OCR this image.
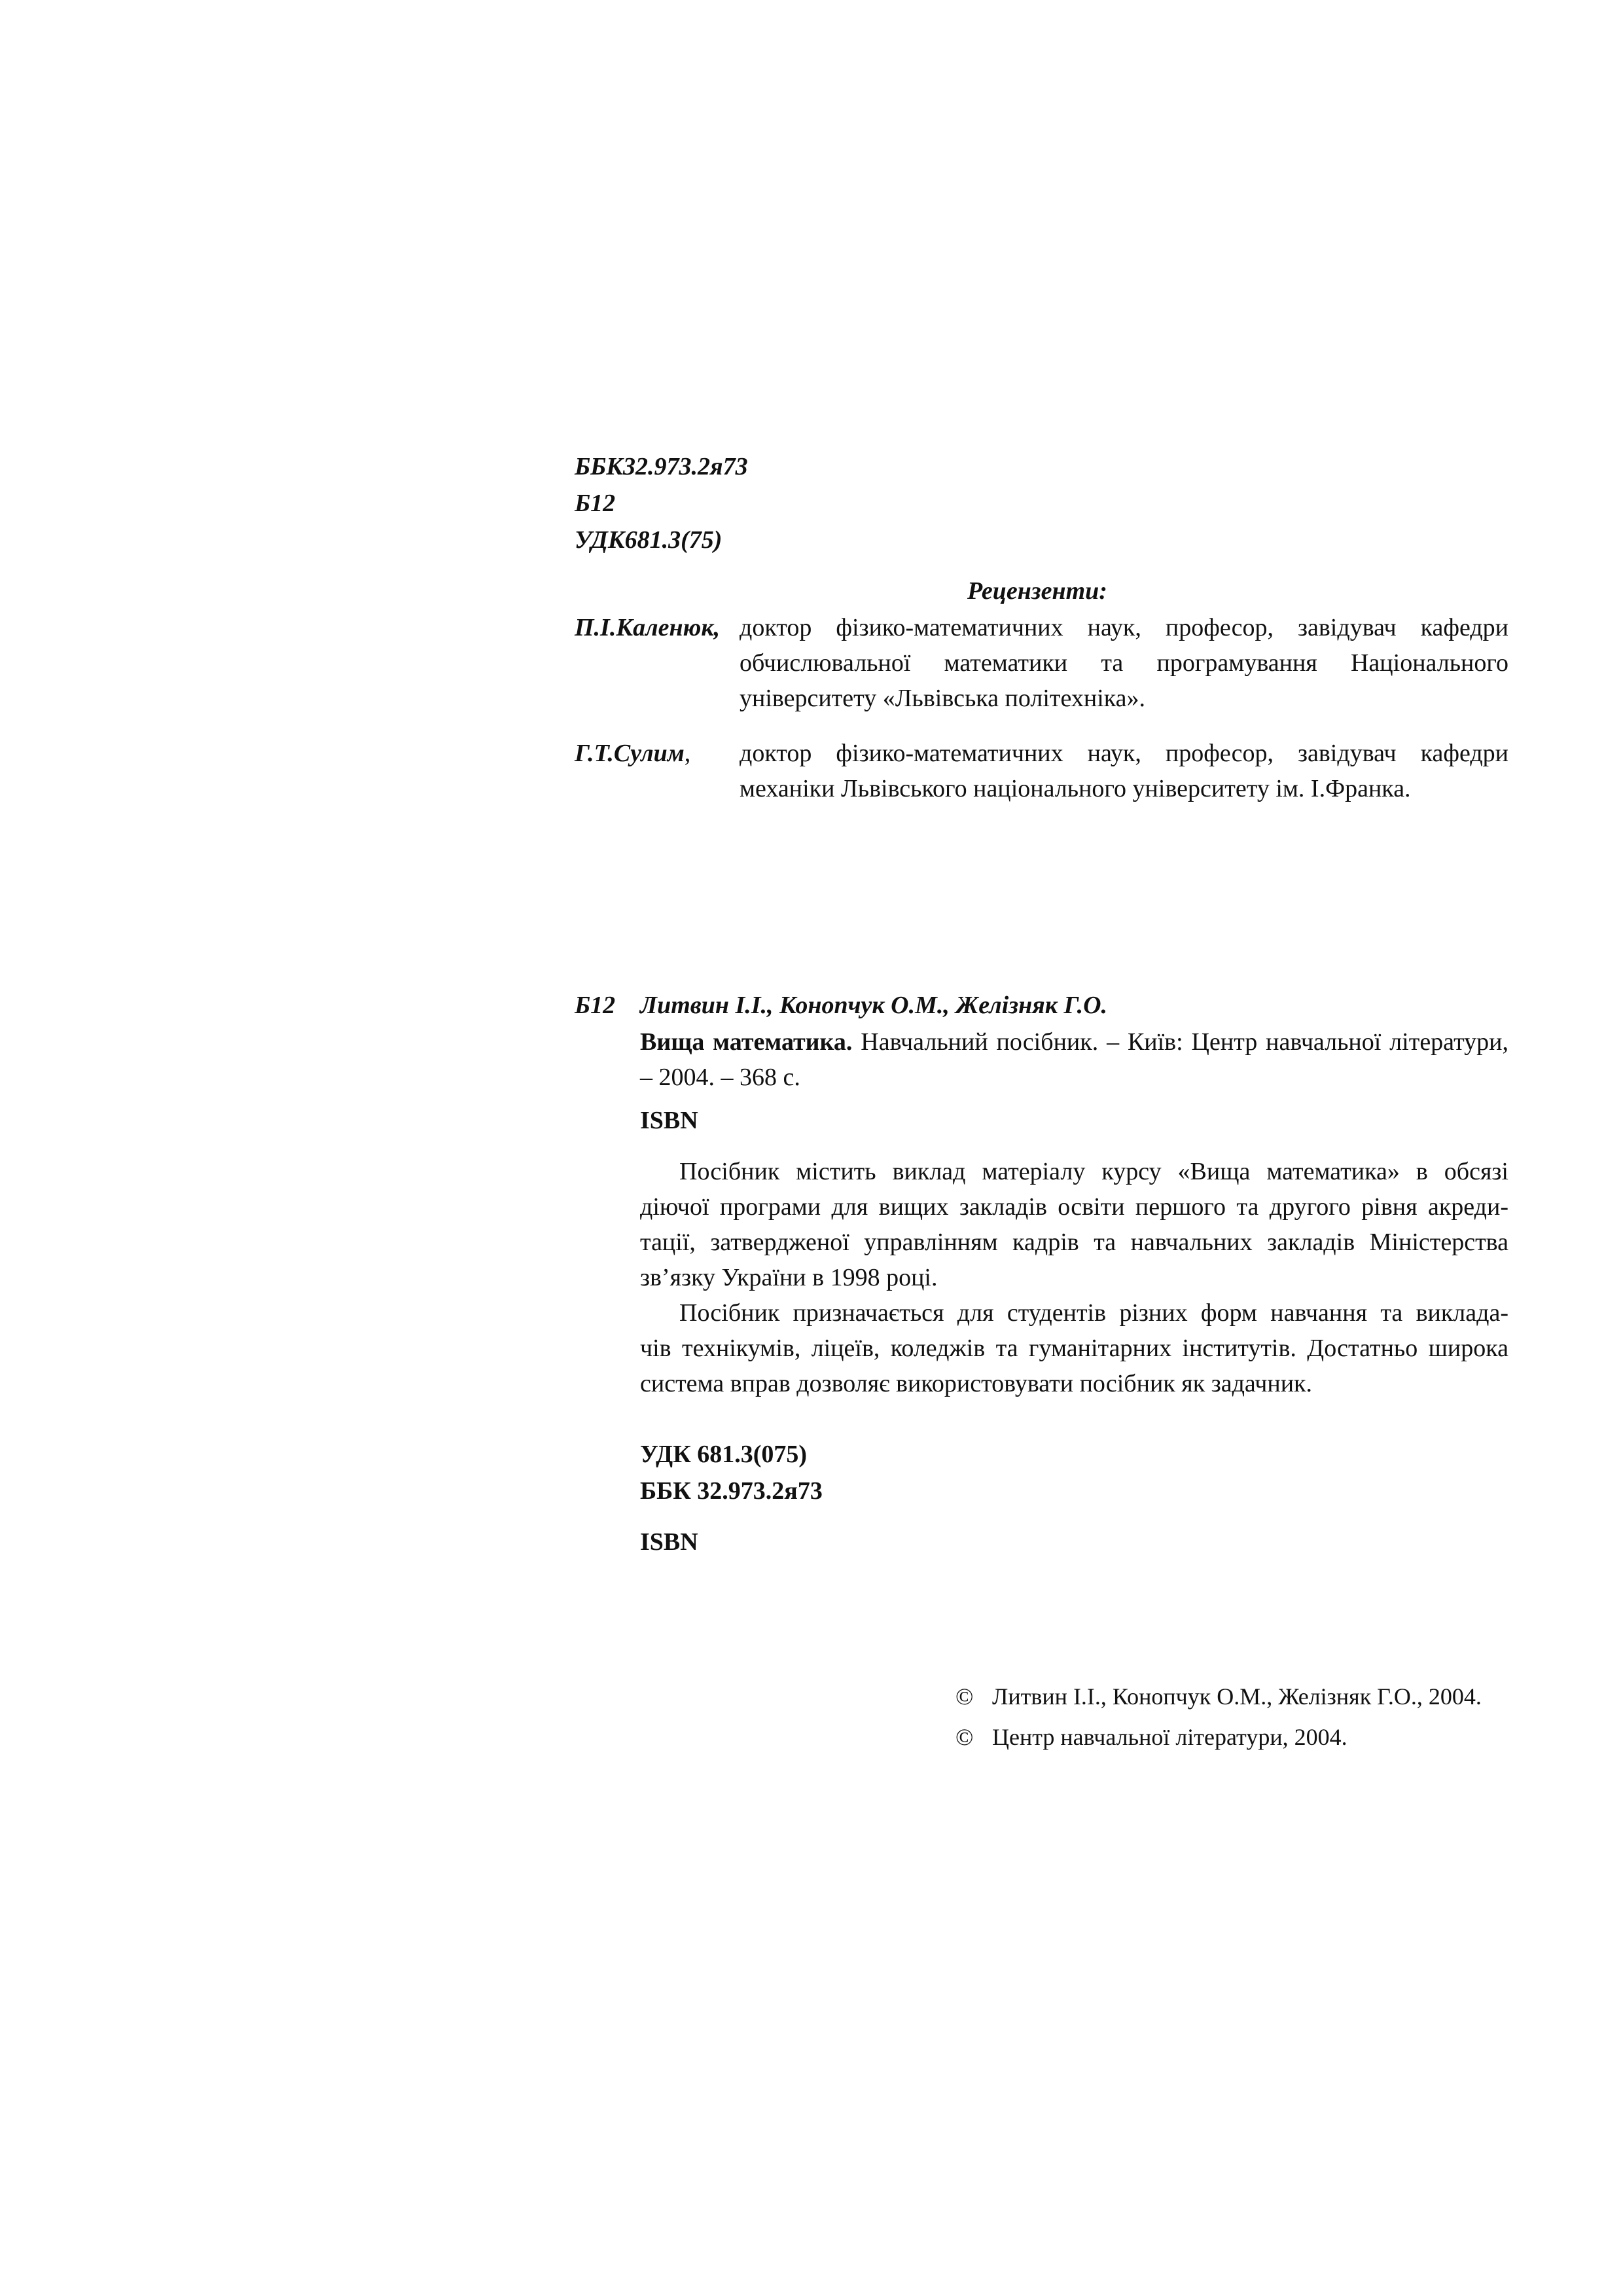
ББК32.973.2я73
Б12
УДК681.3(75)
Рецензенти:
П.І.Каленюк, доктор фізико-математичних наук, професор, завідувач кафедри
обчислювальної математики та програмування Національного
університету «Львівська політехніка».
Г.Т.Сулим, доктор фізико-математичних наук, професор, завідувач кафедри
механіки Львівського національного університету ім. І.Франка.
Б12 Литвин І.І., Конопчук О.М., Желізняк Г.О.
Вища математика. Навчальний посібник. – Київ: Центр навчальної літератури,
– 2004. – 368 с.
ISBN
Посібник містить виклад матеріалу курсу «Вища математика» в обсязі
діючої програми для вищих закладів освіти першого та другого рівня акреди-
тації, затвердженої управлінням кадрів та навчальних закладів Міністерства
зв’язку України в 1998 році.
Посібник призначається для студентів різних форм навчання та виклада-
чів технікумів, ліцеїв, коледжів та гуманітарних інститутів. Достатньо широка
система вправ дозволяє використовувати посібник як задачник.
УДК 681.3(075)
ББК 32.973.2я73
ISBN
© Литвин І.І., Конопчук О.М., Желізняк Г.О., 2004.
© Центр навчальної літератури, 2004.
